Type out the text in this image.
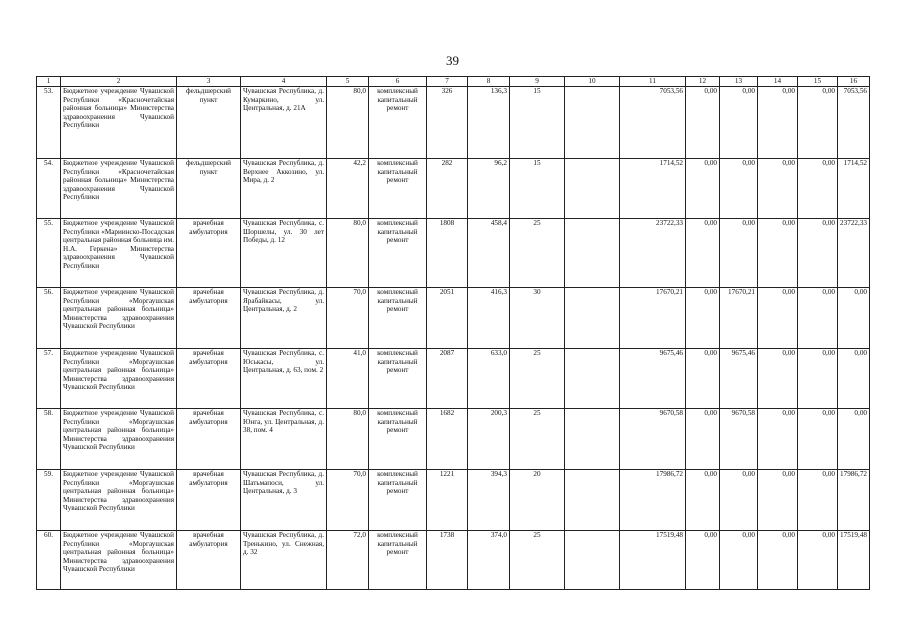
39
1	2	3	4	5	6	7	8	9	10	11	12	13	14	15	16
53.	Бюджетное учреждение Чувашской Республики «Красночетайская районная больница» Министерства здравоохранения Чувашской Республики	фельдшерский пункт	Чувашская Республика, д. Кумаркино, ул. Центральная, д. 21А	80,0	комплексный капитальный ремонт	326	136,3	15		7053,56	0,00	0,00	0,00	0,00	7053,56
54.	Бюджетное учреждение Чувашской Республики «Красночетайская районная больница» Министерства здравоохранения Чувашской Республики	фельдшерский пункт	Чувашская Республика, д. Верхнее Аккозино, ул. Мира, д. 2	42,2	комплексный капитальный ремонт	282	96,2	15		1714,52	0,00	0,00	0,00	0,00	1714,52
55.	Бюджетное учреждение Чувашской Республики «Мариинско-Посадская центральная районная больница им. Н.А. Геркена» Министерства здравоохранения Чувашской Республики	врачебная амбулатория	Чувашская Республика, с. Шоршелы, ул. 30 лет Победы, д. 12	80,0	комплексный капитальный ремонт	1808	458,4	25		23722,33	0,00	0,00	0,00	0,00	23722,33
56.	Бюджетное учреждение Чувашской Республики «Моргаушская центральная районная больница» Министерства здравоохранения Чувашской Республики	врачебная амбулатория	Чувашская Республика, д. Ярабайкасы, ул. Центральная, д. 2	70,0	комплексный капитальный ремонт	2051	416,3	30		17670,21	0,00	17670,21	0,00	0,00	0,00
57.	Бюджетное учреждение Чувашской Республики «Моргаушская центральная районная больница» Министерства здравоохранения Чувашской Республики	врачебная амбулатория	Чувашская Республика, с. Юськасы, ул. Центральная, д. 63, пом. 2	41,0	комплексный капитальный ремонт	2087	633,0	25		9675,46	0,00	9675,46	0,00	0,00	0,00
58.	Бюджетное учреждение Чувашской Республики «Моргаушская центральная районная больница» Министерства здравоохранения Чувашской Республики	врачебная амбулатория	Чувашская Республика, с. Юнга, ул. Центральная, д. 38, пом. 4	80,0	комплексный капитальный ремонт	1682	200,3	25		9670,58	0,00	9670,58	0,00	0,00	0,00
59.	Бюджетное учреждение Чувашской Республики «Моргаушская центральная районная больница» Министерства здравоохранения Чувашской Республики	врачебная амбулатория	Чувашская Республика, д. Шатьмапоси, ул. Центральная, д. 3	70,0	комплексный капитальный ремонт	1221	394,3	20		17986,72	0,00	0,00	0,00	0,00	17986,72
60.	Бюджетное учреждение Чувашской Республики «Моргаушская центральная районная больница» Министерства здравоохранения Чувашской Республики	врачебная амбулатория	Чувашская Республика, д. Тренькино, ул. Снежная, д. 32	72,0	комплексный капитальный ремонт	1738	374,0	25		17519,48	0,00	0,00	0,00	0,00	17519,48
